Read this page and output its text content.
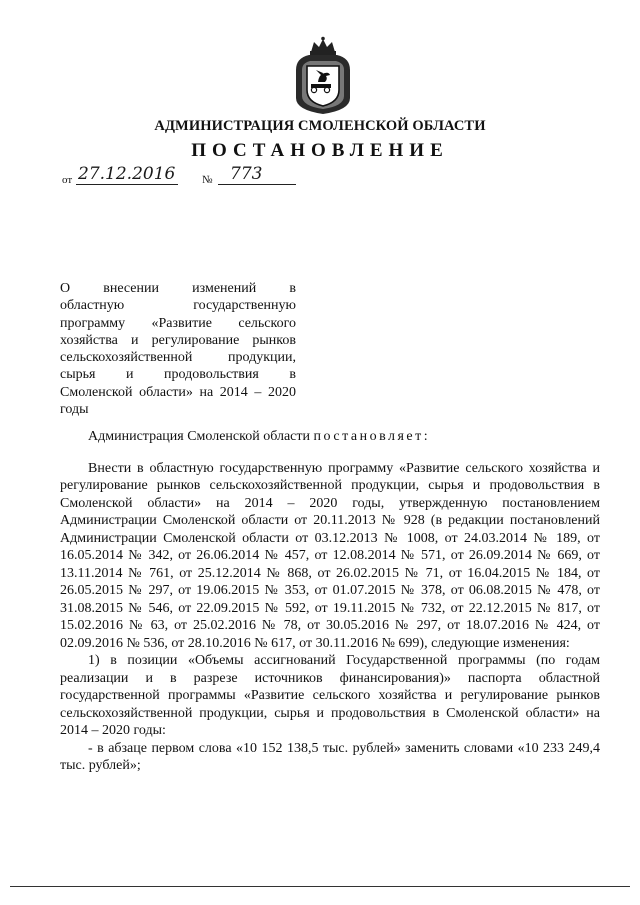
АДМИНИСТРАЦИЯ СМОЛЕНСКОЙ ОБЛАСТИ
ПОСТАНОВЛЕНИЕ
от 27.12.2016 № 773
О внесении изменений в
областную государственную
программу «Развитие сельского
хозяйства и регулирование рынков
сельскохозяйственной продукции,
сырья и продовольствия в
Смоленской области» на 2014 – 2020
годы

Администрация Смоленской области постановляет:

Внести в областную государственную программу «Развитие сельского хозяйства и регулирование рынков сельскохозяйственной продукции, сырья и продовольствия в Смоленской области» на 2014 – 2020 годы, утвержденную постановлением Администрации Смоленской области от 20.11.2013 № 928 (в редакции постановлений Администрации Смоленской области от 03.12.2013 № 1008, от 24.03.2014 № 189, от 16.05.2014 № 342, от 26.06.2014 № 457, от 12.08.2014 № 571, от 26.09.2014 № 669, от 13.11.2014 № 761, от 25.12.2014 № 868, от 26.02.2015 № 71, от 16.04.2015 № 184, от 26.05.2015 № 297, от 19.06.2015 № 353, от 01.07.2015 № 378, от 06.08.2015 № 478, от 31.08.2015 № 546, от 22.09.2015 № 592, от 19.11.2015 № 732, от 22.12.2015 № 817, от 15.02.2016 № 63, от 25.02.2016 № 78, от 30.05.2016 № 297, от 18.07.2016 № 424, от 02.09.2016 № 536, от 28.10.2016 № 617, от 30.11.2016 № 699), следующие изменения:

1) в позиции «Объемы ассигнований Государственной программы (по годам реализации и в разрезе источников финансирования)» паспорта областной государственной программы «Развитие сельского хозяйства и регулирование рынков сельскохозяйственной продукции, сырья и продовольствия в Смоленской области» на 2014 – 2020 годы:

- в абзаце первом слова «10 152 138,5 тыс. рублей» заменить словами «10 233 249,4 тыс. рублей»;
